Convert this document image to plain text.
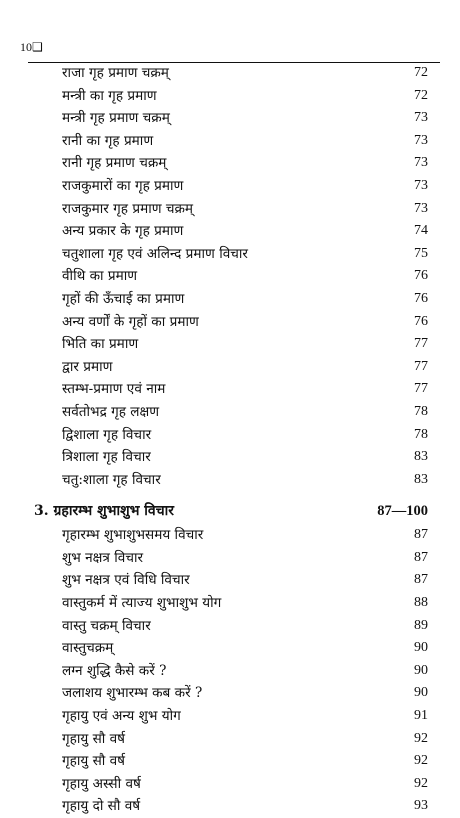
10❑
राजा गृह प्रमाण चक्रम्	72
मन्त्री का गृह प्रमाण	72
मन्त्री गृह प्रमाण चक्रम्	73
रानी का गृह प्रमाण	73
रानी गृह प्रमाण चक्रम्	73
राजकुमारों का गृह प्रमाण	73
राजकुमार गृह प्रमाण चक्रम्	73
अन्य प्रकार के गृह प्रमाण	74
चतुशाला गृह एवं अलिन्द प्रमाण विचार	75
वीथि का प्रमाण	76
गृहों की ऊँचाई का प्रमाण	76
अन्य वर्णों के गृहों का प्रमाण	76
भिति का प्रमाण	77
द्वार प्रमाण	77
स्तम्भ-प्रमाण एवं नाम	77
सर्वतोभद्र गृह लक्षण	78
द्विशाला गृह विचार	78
त्रिशाला गृह विचार	83
चतु:शाला गृह विचार	83
3. ग्रहारम्भ शुभाशुभ विचार	87—100
गृहारम्भ शुभाशुभसमय विचार	87
शुभ नक्षत्र विचार	87
शुभ नक्षत्र एवं विधि विचार	87
वास्तुकर्म में त्याज्य शुभाशुभ योग	88
वास्तु चक्रम् विचार	89
वास्तुचक्रम्	90
लग्न शुद्धि कैसे करें ?	90
जलाशय शुभारम्भ कब करें ?	90
गृहायु एवं अन्य शुभ योग	91
गृहायु सौ वर्ष	92
गृहायु सौ वर्ष	92
गृहायु अस्सी वर्ष	92
गृहायु दो सौ वर्ष	93
